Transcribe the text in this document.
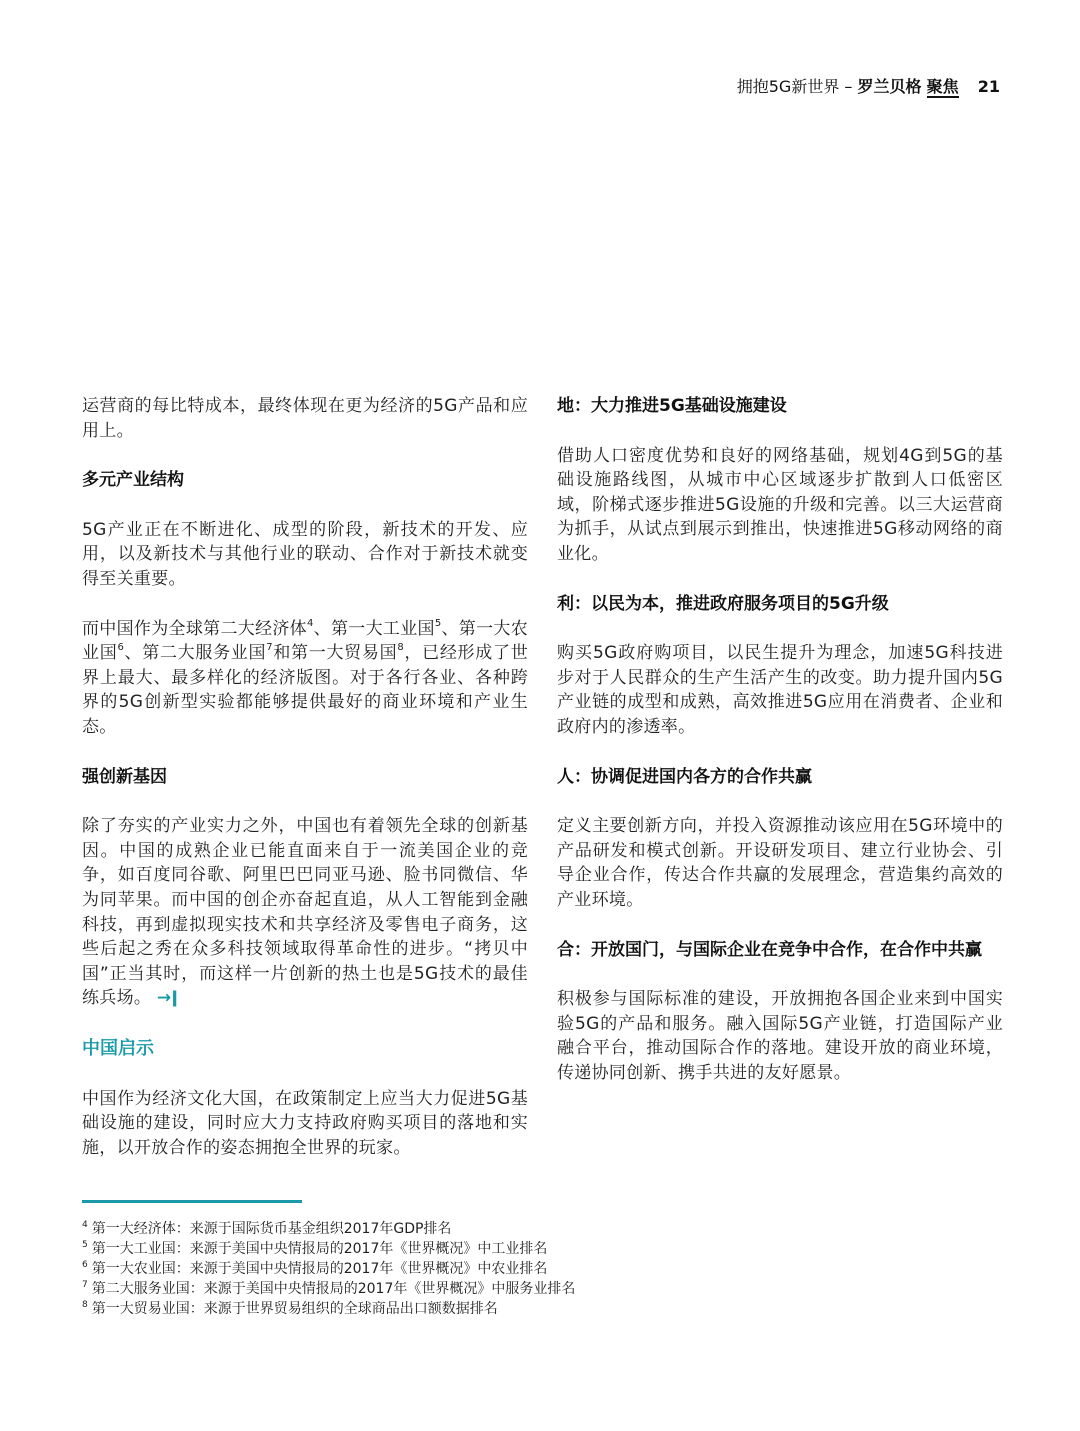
拥抱5G新世界 – 罗兰贝格 聚焦 21

运营商的每比特成本，最终体现在更为经济的5G产品和应用上。

多元产业结构

5G产业正在不断进化、成型的阶段，新技术的开发、应用，以及新技术与其他行业的联动、合作对于新技术就变得至关重要。

而中国作为全球第二大经济体$^4$、第一大工业国$^5$、第一大农业国$^6$、第二大服务业国$^7$和第一大贸易国$^8$，已经形成了世界上最大、最多样化的经济版图。对于各行各业、各种跨界的5G创新型实验都能够提供最好的商业环境和产业生态。

强创新基因

除了夯实的产业实力之外，中国也有着领先全球的创新基因。中国的成熟企业已能直面来自于一流美国企业的竞争，如百度同谷歌、阿里巴巴同亚马逊、脸书同微信、华为同苹果。而中国的创企亦奋起直追，从人工智能到金融科技，再到虚拟现实技术和共享经济及零售电子商务，这些后起之秀在众多科技领域取得革命性的进步。“拷贝中国”正当其时，而这样一片创新的热土也是5G技术的最佳练兵场。 →ǀ

中国启示

中国作为经济文化大国，在政策制定上应当大力促进5G基础设施的建设，同时应大力支持政府购买项目的落地和实施，以开放合作的姿态拥抱全世界的玩家。

地：大力推进5G基础设施建设

借助人口密度优势和良好的网络基础，规划4G到5G的基础设施路线图，从城市中心区域逐步扩散到人口低密区域，阶梯式逐步推进5G设施的升级和完善。以三大运营商为抓手，从试点到展示到推出，快速推进5G移动网络的商业化。

利：以民为本，推进政府服务项目的5G升级

购买5G政府购项目，以民生提升为理念，加速5G科技进步对于人民群众的生产生活产生的改变。助力提升国内5G产业链的成型和成熟，高效推进5G应用在消费者、企业和政府内的渗透率。

人：协调促进国内各方的合作共赢

定义主要创新方向，并投入资源推动该应用在5G环境中的产品研发和模式创新。开设研发项目、建立行业协会、引导企业合作，传达合作共赢的发展理念，营造集约高效的产业环境。

合：开放国门，与国际企业在竞争中合作，在合作中共赢

积极参与国际标准的建设，开放拥抱各国企业来到中国实验5G的产品和服务。融入国际5G产业链，打造国际产业融合平台，推动国际合作的落地。建设开放的商业环境，传递协同创新、携手共进的友好愿景。

$^4$ 第一大经济体：来源于国际货币基金组织2017年GDP排名
$^5$ 第一大工业国：来源于美国中央情报局的2017年《世界概况》中工业排名
$^6$ 第一大农业国：来源于美国中央情报局的2017年《世界概况》中农业排名
$^7$ 第二大服务业国：来源于美国中央情报局的2017年《世界概况》中服务业排名
$^8$ 第一大贸易业国：来源于世界贸易组织的全球商品出口额数据排名
